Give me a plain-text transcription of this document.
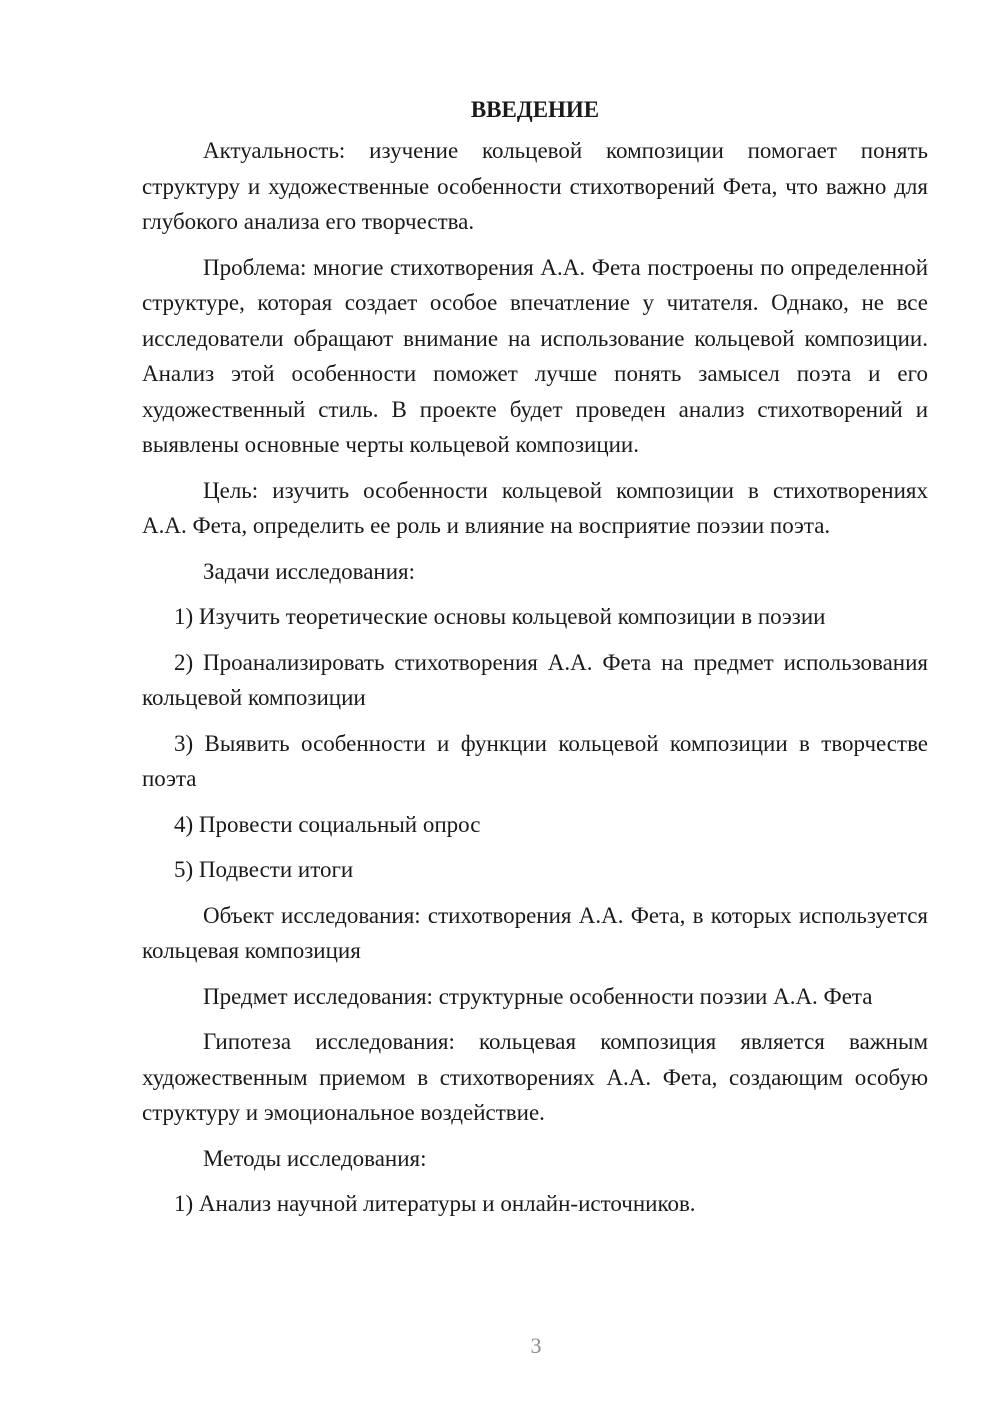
ВВЕДЕНИЕ

Актуальность: изучение кольцевой композиции помогает понять структуру и художественные особенности стихотворений Фета, что важно для глубокого анализа его творчества.

Проблема: многие стихотворения А.А. Фета построены по определенной структуре, которая создает особое впечатление у читателя. Однако, не все исследователи обращают внимание на использование кольцевой композиции. Анализ этой особенности поможет лучше понять замысел поэта и его художественный стиль. В проекте будет проведен анализ стихотворений и выявлены основные черты кольцевой композиции.

Цель: изучить особенности кольцевой композиции в стихотворениях А.А. Фета, определить ее роль и влияние на восприятие поэзии поэта.

Задачи исследования:

1) Изучить теоретические основы кольцевой композиции в поэзии

2) Проанализировать стихотворения А.А. Фета на предмет использования кольцевой композиции

3) Выявить особенности и функции кольцевой композиции в творчестве поэта

4) Провести социальный опрос

5) Подвести итоги

Объект исследования: стихотворения А.А. Фета, в которых используется кольцевая композиция

Предмет исследования: структурные особенности поэзии А.А. Фета

Гипотеза исследования: кольцевая композиция является важным художественным приемом в стихотворениях А.А. Фета, создающим особую структуру и эмоциональное воздействие.

Методы исследования:

1) Анализ научной литературы и онлайн-источников.

3
